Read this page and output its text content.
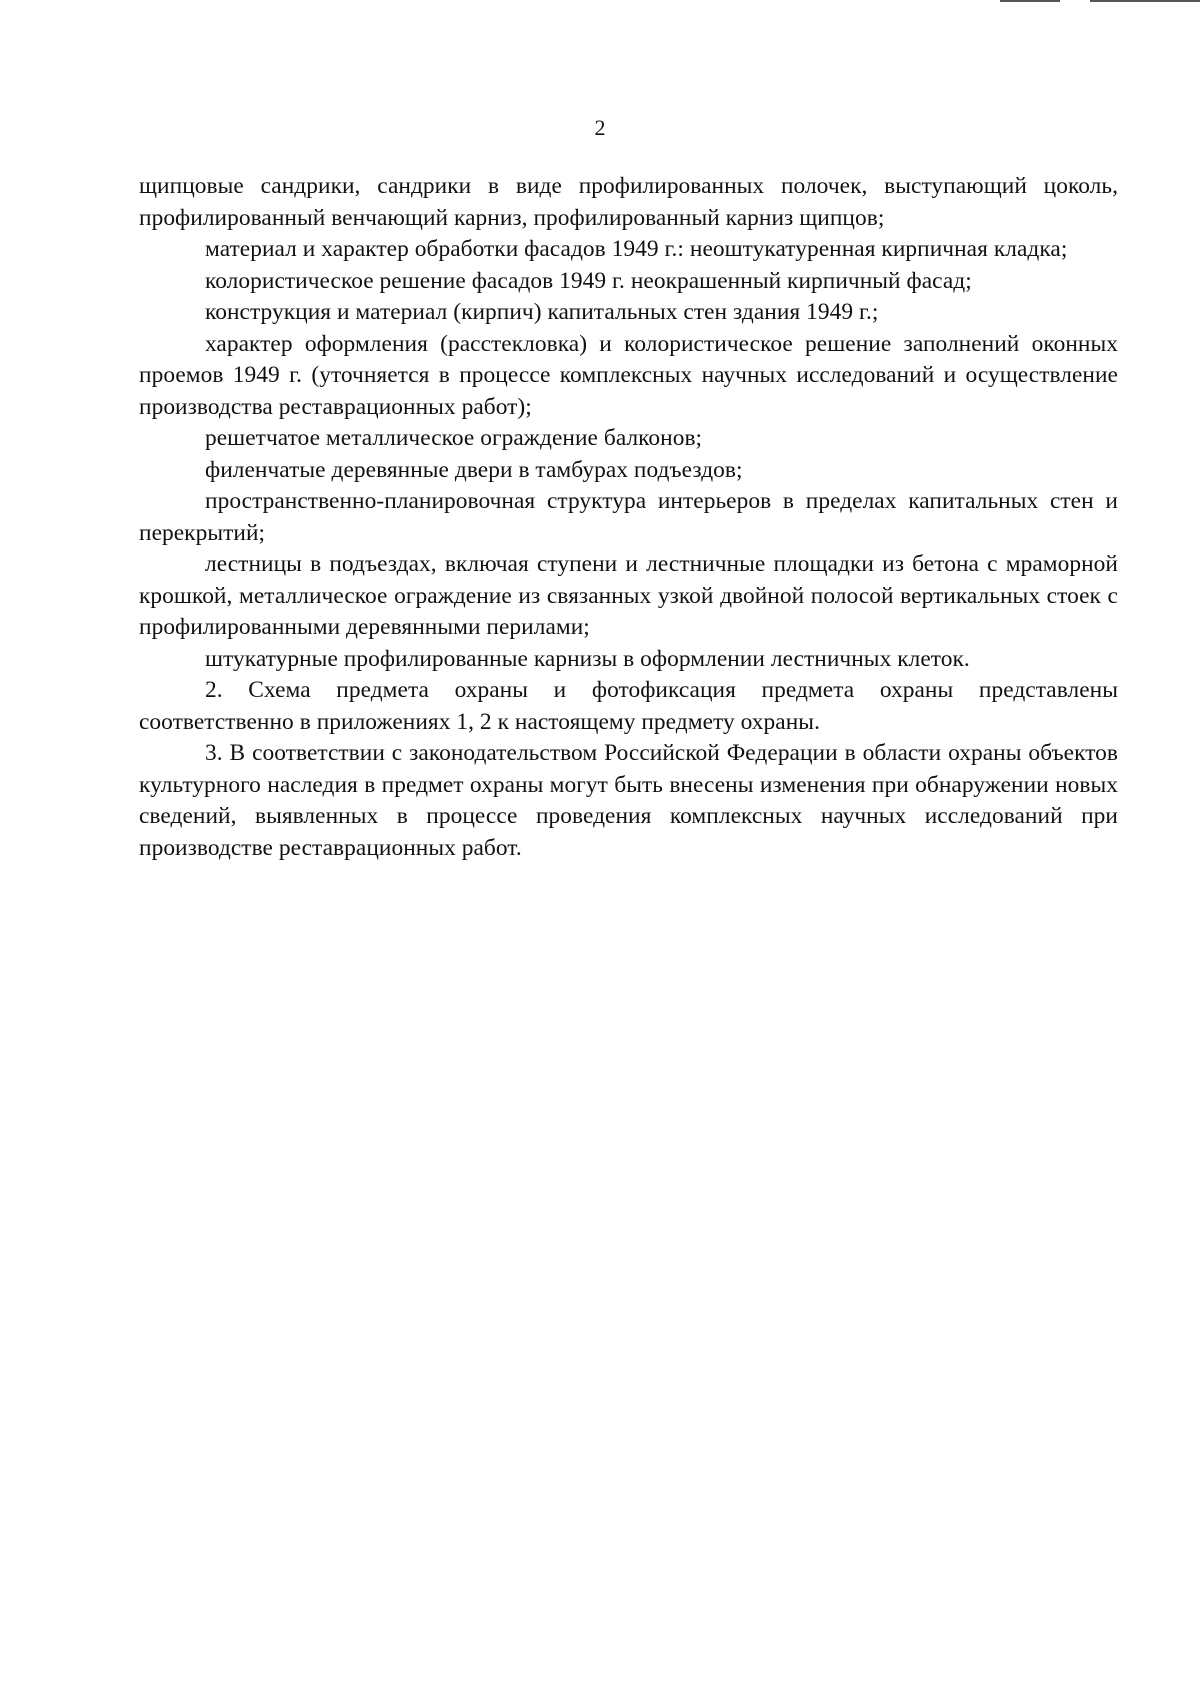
2

щипцовые сандрики, сандрики в виде профилированных полочек, выступающий цоколь, профилированный венчающий карниз, профилированный карниз щипцов;

материал и характер обработки фасадов 1949 г.: неоштукатуренная кирпичная кладка;

колористическое решение фасадов 1949 г. неокрашенный кирпичный фасад;

конструкция и материал (кирпич) капитальных стен здания 1949 г.;

характер оформления (расстекловка) и колористическое решение заполнений оконных проемов 1949 г. (уточняется в процессе комплексных научных исследований и осуществление производства реставрационных работ);

решетчатое металлическое ограждение балконов;

филенчатые деревянные двери в тамбурах подъездов;

пространственно-планировочная структура интерьеров в пределах капитальных стен и перекрытий;

лестницы в подъездах, включая ступени и лестничные площадки из бетона с мраморной крошкой, металлическое ограждение из связанных узкой двойной полосой вертикальных стоек с профилированными деревянными перилами;

штукатурные профилированные карнизы в оформлении лестничных клеток.

2. Схема предмета охраны и фотофиксация предмета охраны представлены соответственно в приложениях 1, 2 к настоящему предмету охраны.

3. В соответствии с законодательством Российской Федерации в области охраны объектов культурного наследия в предмет охраны могут быть внесены изменения при обнаружении новых сведений, выявленных в процессе проведения комплексных научных исследований при производстве реставрационных работ.
